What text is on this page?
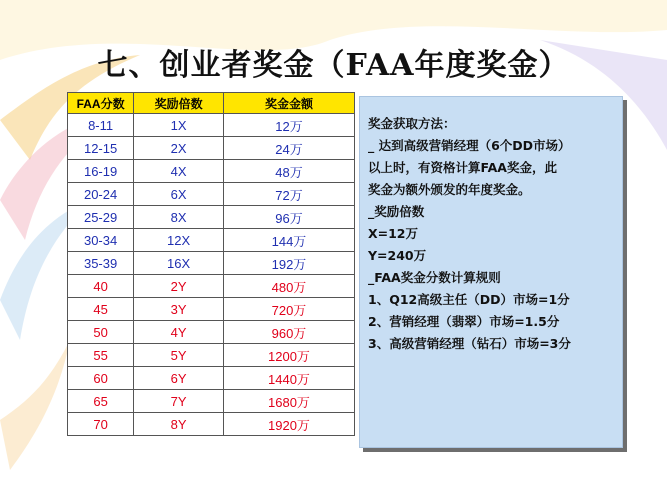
七、创业者奖金（FAA年度奖金）
FAA分数	奖励倍数	奖金金额
8-11	1X	12万
12-15	2X	24万
16-19	4X	48万
20-24	6X	72万
25-29	8X	96万
30-34	12X	144万
35-39	16X	192万
40	2Y	480万
45	3Y	720万
50	4Y	960万
55	5Y	1200万
60	6Y	1440万
65	7Y	1680万
70	8Y	1920万
奖金获取方法：
_ 达到高级营销经理（6个DD市场）
以上时，有资格计算FAA奖金，此
奖金为额外颁发的年度奖金。
_奖励倍数
X=12万
Y=240万
_FAA奖金分数计算规则
1、Q12高级主任（DD）市场=1分
2、营销经理（翡翠）市场=1.5分
3、高级营销经理（钻石）市场=3分
